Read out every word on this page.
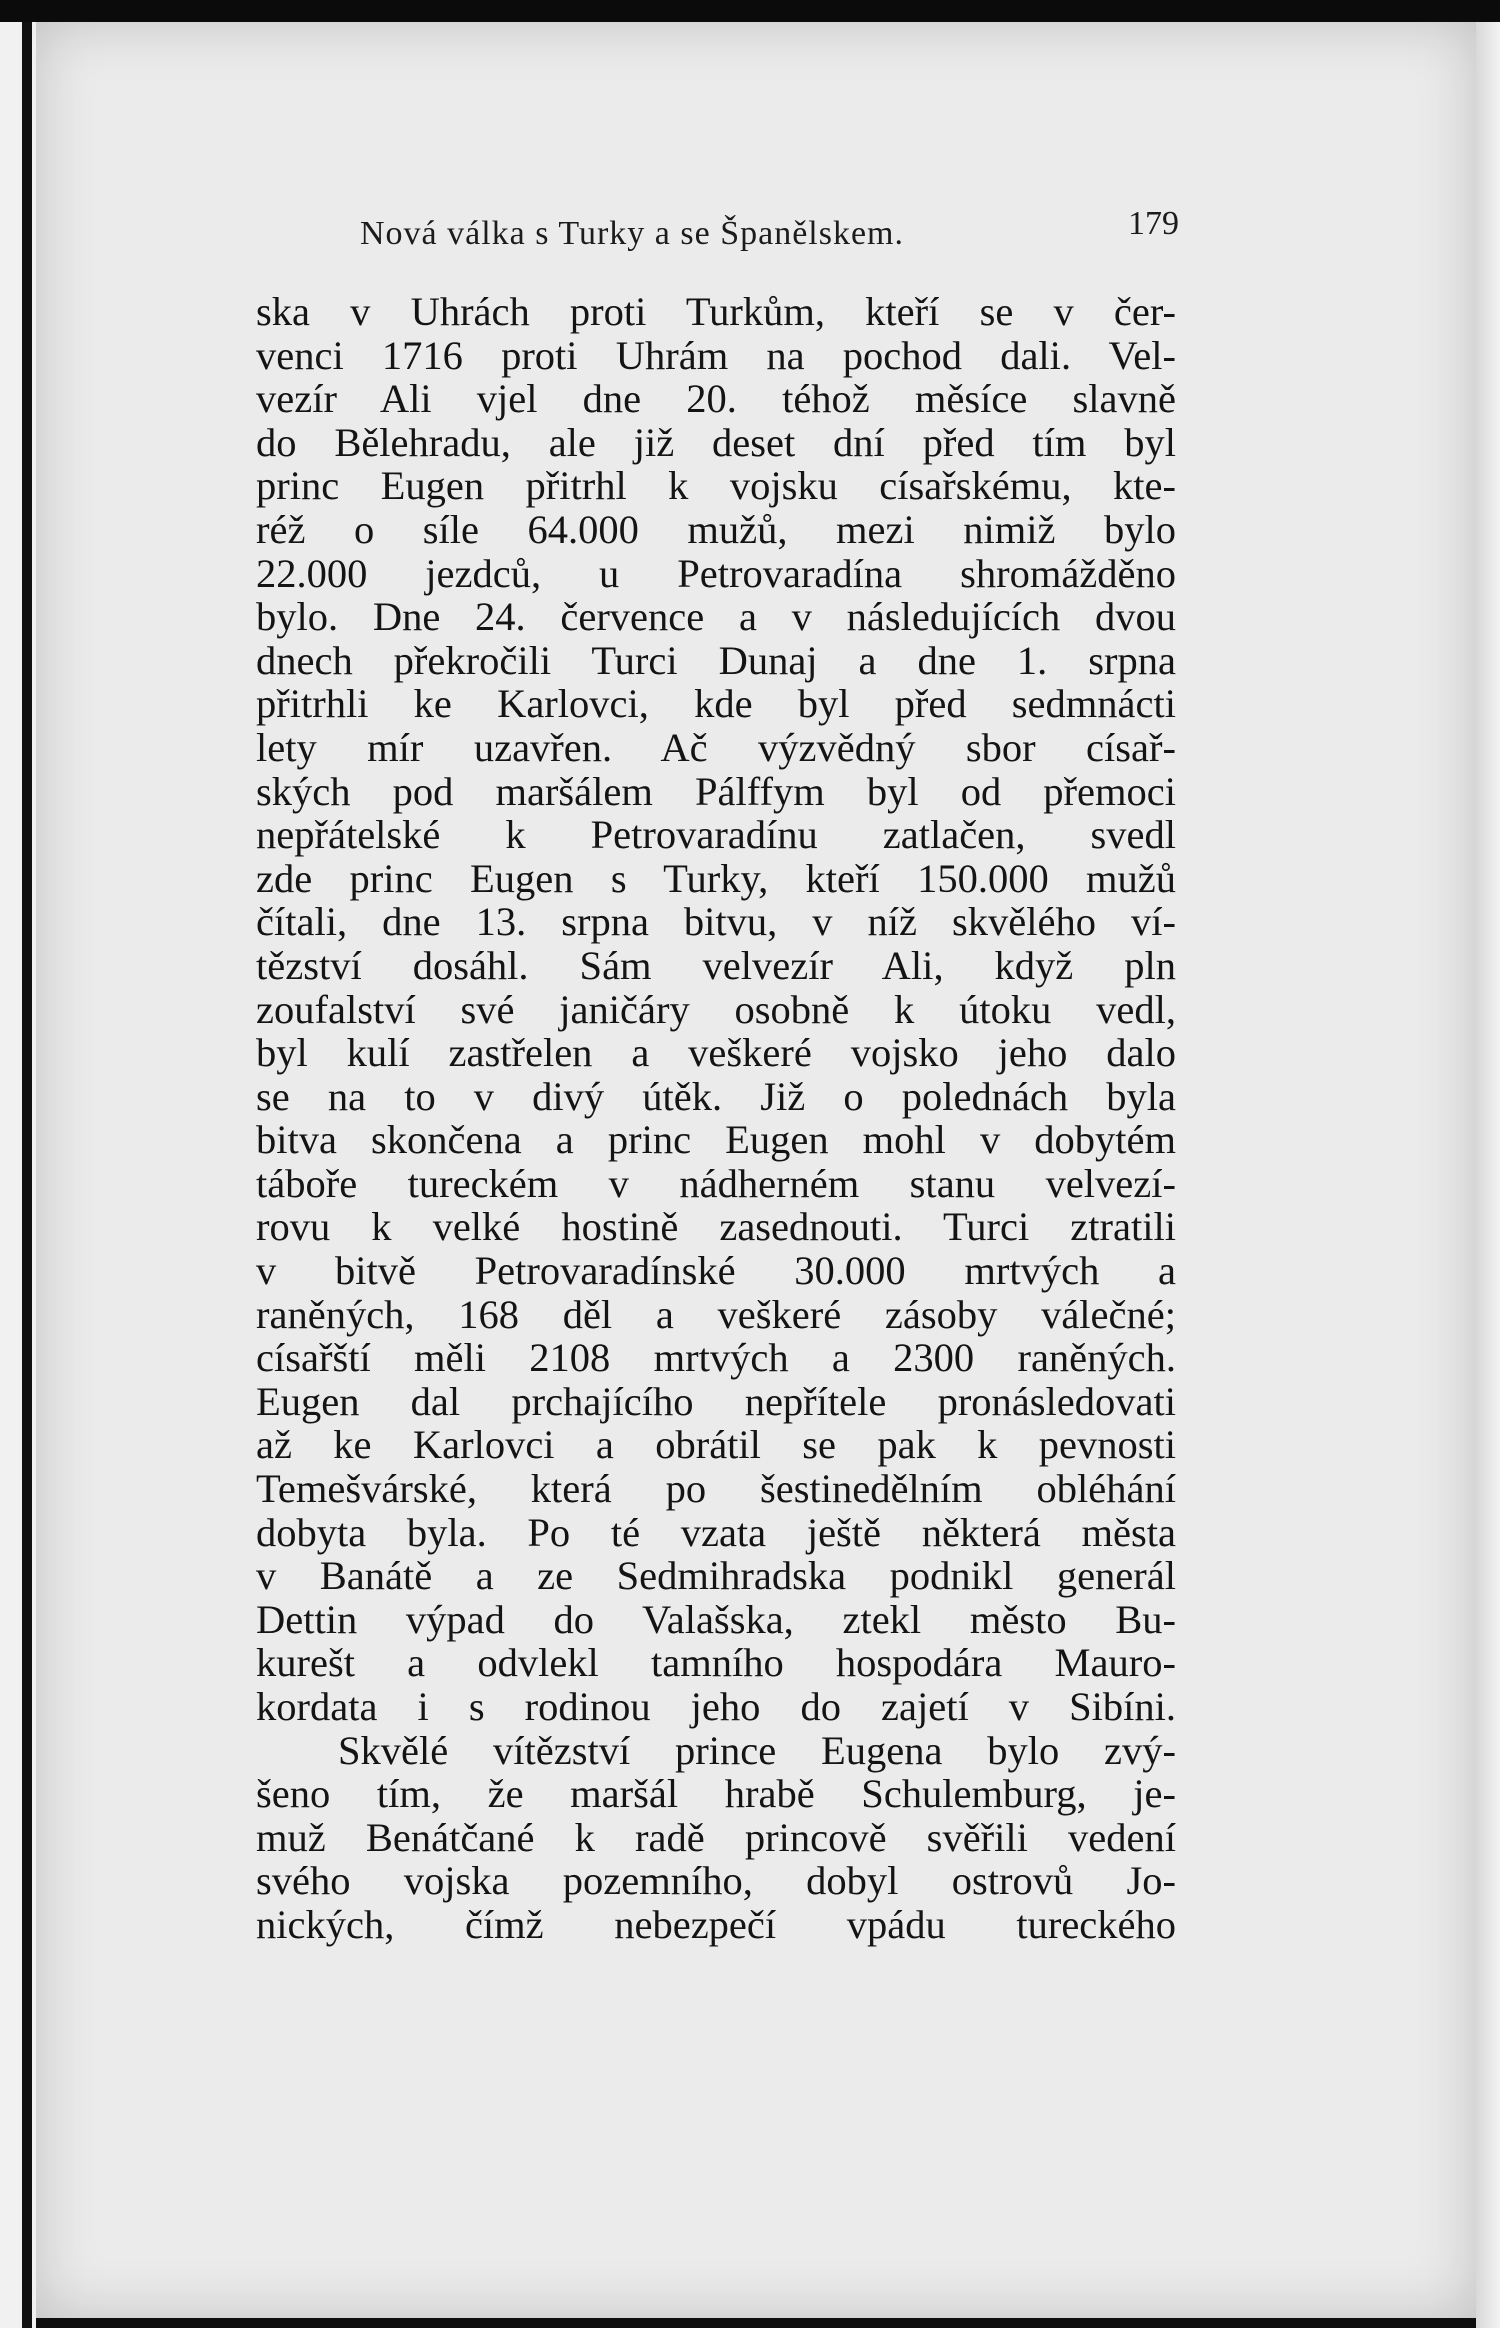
Nová válka s Turky a se Španělskem.	179
ska v Uhrách proti Turkům, kteří se v čer-
venci 1716 proti Uhrám na pochod dali. Vel-
vezír Ali vjel dne 20. téhož měsíce slavně
do Bělehradu, ale již deset dní před tím byl
princ Eugen přitrhl k vojsku císařskému, kte-
réž o síle 64.000 mužů, mezi nimiž bylo
22.000 jezdců, u Petrovaradína shromážděno
bylo. Dne 24. července a v následujících dvou
dnech překročili Turci Dunaj a dne 1. srpna
přitrhli ke Karlovci, kde byl před sedmnácti
lety mír uzavřen. Ač výzvědný sbor císař-
ských pod maršálem Pálffym byl od přemoci
nepřátelské k Petrovaradínu zatlačen, svedl
zde princ Eugen s Turky, kteří 150.000 mužů
čítali, dne 13. srpna bitvu, v níž skvělého ví-
tězství dosáhl. Sám velvezír Ali, když pln
zoufalství své janičáry osobně k útoku vedl,
byl kulí zastřelen a veškeré vojsko jeho dalo
se na to v divý útěk. Již o polednách byla
bitva skončena a princ Eugen mohl v dobytém
táboře tureckém v nádherném stanu velvezí-
rovu k velké hostině zasednouti. Turci ztratili
v bitvě Petrovaradínské 30.000 mrtvých a
raněných, 168 děl a veškeré zásoby válečné;
císařští měli 2108 mrtvých a 2300 raněných.
Eugen dal prchajícího nepřítele pronásledovati
až ke Karlovci a obrátil se pak k pevnosti
Temešvárské, která po šestinedělním obléhání
dobyta byla. Po té vzata ještě některá města
v Banátě a ze Sedmihradska podnikl generál
Dettin výpad do Valašska, ztekl město Bu-
kurešt a odvlekl tamního hospodára Mauro-
kordata i s rodinou jeho do zajetí v Sibíni.
Skvělé vítězství prince Eugena bylo zvý-
šeno tím, že maršál hrabě Schulemburg, je-
muž Benátčané k radě princově svěřili vedení
svého vojska pozemního, dobyl ostrovů Jo-
nických, čímž nebezpečí vpádu tureckého
